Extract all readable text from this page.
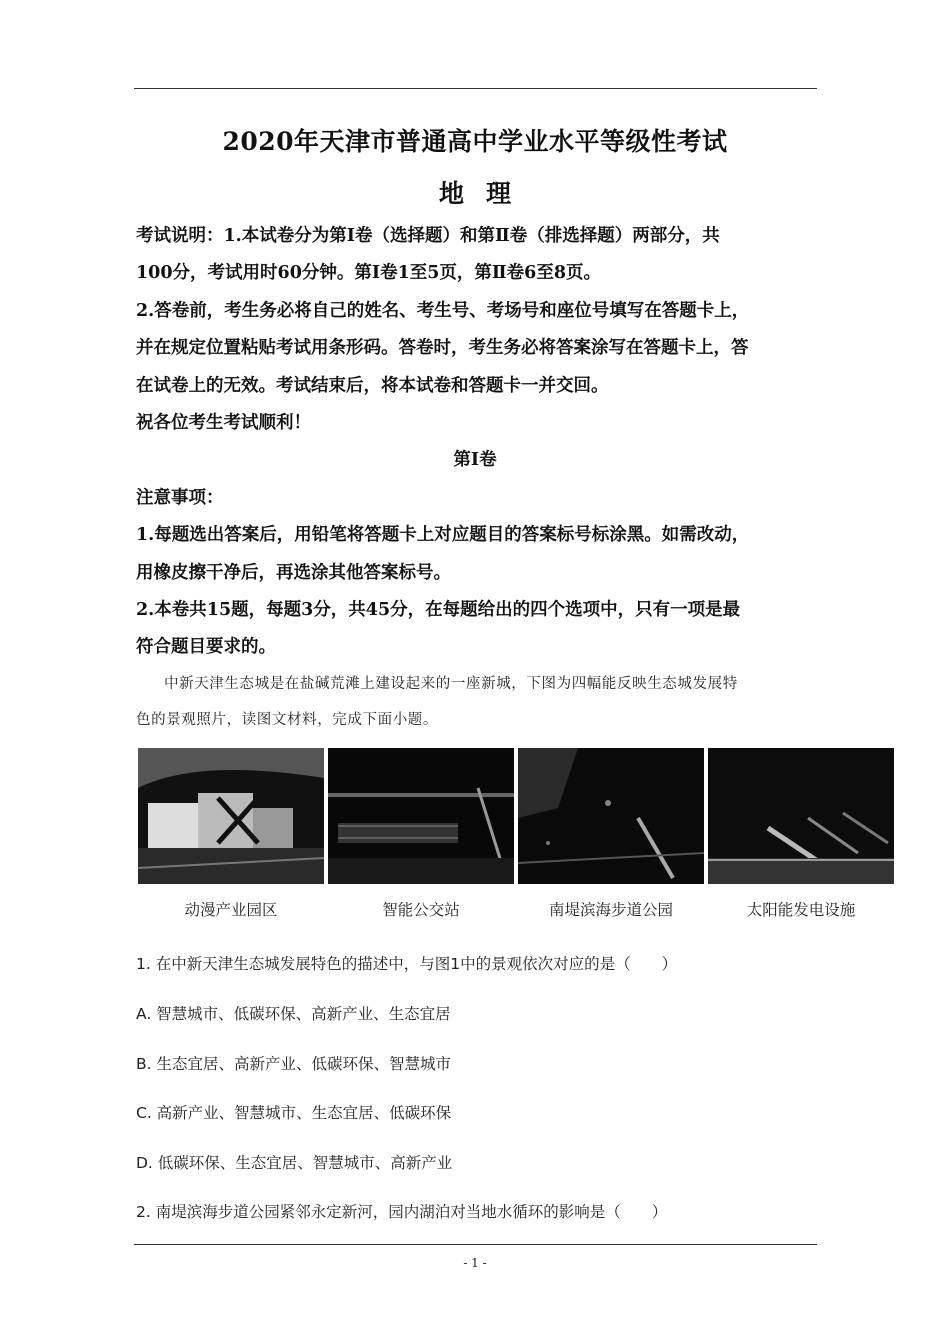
2020年天津市普通高中学业水平等级性考试
地理
考试说明：1.本试卷分为第Ⅰ卷（选择题）和第Ⅱ卷（排选择题）两部分，共
100分，考试用时60分钟。第Ⅰ卷1至5页，第Ⅱ卷6至8页。
2.答卷前，考生务必将自己的姓名、考生号、考场号和座位号填写在答题卡上，
并在规定位置粘贴考试用条形码。答卷时，考生务必将答案涂写在答题卡上，答
在试卷上的无效。考试结束后，将本试卷和答题卡一并交回。
祝各位考生考试顺利！
第Ⅰ卷
注意事项：
1.每题选出答案后，用铅笔将答题卡上对应题目的答案标号标涂黑。如需改动，
用橡皮擦干净后，再选涂其他答案标号。
2.本卷共15题，每题3分，共45分，在每题给出的四个选项中，只有一项是最
符合题目要求的。
中新天津生态城是在盐碱荒滩上建设起来的一座新城，下图为四幅能反映生态城发展特
色的景观照片，读图文材料，完成下面小题。
动漫产业园区	智能公交站	南堤滨海步道公园	太阳能发电设施
1. 在中新天津生态城发展特色的描述中，与图1中的景观依次对应的是（　　）
A. 智慧城市、低碳环保、高新产业、生态宜居
B. 生态宜居、高新产业、低碳环保、智慧城市
C. 高新产业、智慧城市、生态宜居、低碳环保
D. 低碳环保、生态宜居、智慧城市、高新产业
2. 南堤滨海步道公园紧邻永定新河，园内湖泊对当地水循环的影响是（　　）
- 1 -
